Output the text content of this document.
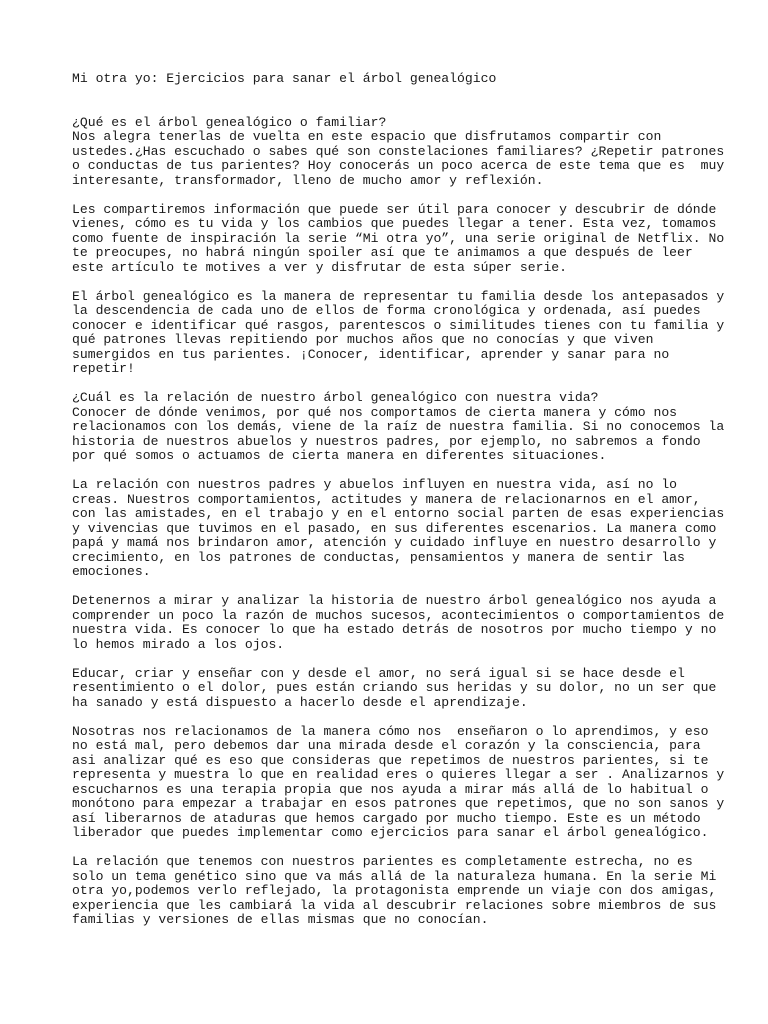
Mi otra yo: Ejercicios para sanar el árbol genealógico
¿Qué es el árbol genealógico o familiar?
Nos alegra tenerlas de vuelta en este espacio que disfrutamos compartir con
ustedes.¿Has escuchado o sabes qué son constelaciones familiares? ¿Repetir patrones
o conductas de tus parientes? Hoy conocerás un poco acerca de este tema que es  muy
interesante, transformador, lleno de mucho amor y reflexión.
Les compartiremos información que puede ser útil para conocer y descubrir de dónde
vienes, cómo es tu vida y los cambios que puedes llegar a tener. Esta vez, tomamos
como fuente de inspiración la serie “Mi otra yo”, una serie original de Netflix. No
te preocupes, no habrá ningún spoiler así que te animamos a que después de leer
este artículo te motives a ver y disfrutar de esta súper serie.
El árbol genealógico es la manera de representar tu familia desde los antepasados y
la descendencia de cada uno de ellos de forma cronológica y ordenada, así puedes
conocer e identificar qué rasgos, parentescos o similitudes tienes con tu familia y
qué patrones llevas repitiendo por muchos años que no conocías y que viven
sumergidos en tus parientes. ¡Conocer, identificar, aprender y sanar para no
repetir!
¿Cuál es la relación de nuestro árbol genealógico con nuestra vida?
Conocer de dónde venimos, por qué nos comportamos de cierta manera y cómo nos
relacionamos con los demás, viene de la raíz de nuestra familia. Si no conocemos la
historia de nuestros abuelos y nuestros padres, por ejemplo, no sabremos a fondo
por qué somos o actuamos de cierta manera en diferentes situaciones.
La relación con nuestros padres y abuelos influyen en nuestra vida, así no lo
creas. Nuestros comportamientos, actitudes y manera de relacionarnos en el amor,
con las amistades, en el trabajo y en el entorno social parten de esas experiencias
y vivencias que tuvimos en el pasado, en sus diferentes escenarios. La manera como
papá y mamá nos brindaron amor, atención y cuidado influye en nuestro desarrollo y
crecimiento, en los patrones de conductas, pensamientos y manera de sentir las
emociones.
Detenernos a mirar y analizar la historia de nuestro árbol genealógico nos ayuda a
comprender un poco la razón de muchos sucesos, acontecimientos o comportamientos de
nuestra vida. Es conocer lo que ha estado detrás de nosotros por mucho tiempo y no
lo hemos mirado a los ojos.
Educar, criar y enseñar con y desde el amor, no será igual si se hace desde el
resentimiento o el dolor, pues están criando sus heridas y su dolor, no un ser que
ha sanado y está dispuesto a hacerlo desde el aprendizaje.
Nosotras nos relacionamos de la manera cómo nos  enseñaron o lo aprendimos, y eso
no está mal, pero debemos dar una mirada desde el corazón y la consciencia, para
asi analizar qué es eso que consideras que repetimos de nuestros parientes, si te
representa y muestra lo que en realidad eres o quieres llegar a ser . Analizarnos y
escucharnos es una terapia propia que nos ayuda a mirar más allá de lo habitual o
monótono para empezar a trabajar en esos patrones que repetimos, que no son sanos y
así liberarnos de ataduras que hemos cargado por mucho tiempo. Este es un método
liberador que puedes implementar como ejercicios para sanar el árbol genealógico.
La relación que tenemos con nuestros parientes es completamente estrecha, no es
solo un tema genético sino que va más allá de la naturaleza humana. En la serie Mi
otra yo,podemos verlo reflejado, la protagonista emprende un viaje con dos amigas,
experiencia que les cambiará la vida al descubrir relaciones sobre miembros de sus
familias y versiones de ellas mismas que no conocían.
